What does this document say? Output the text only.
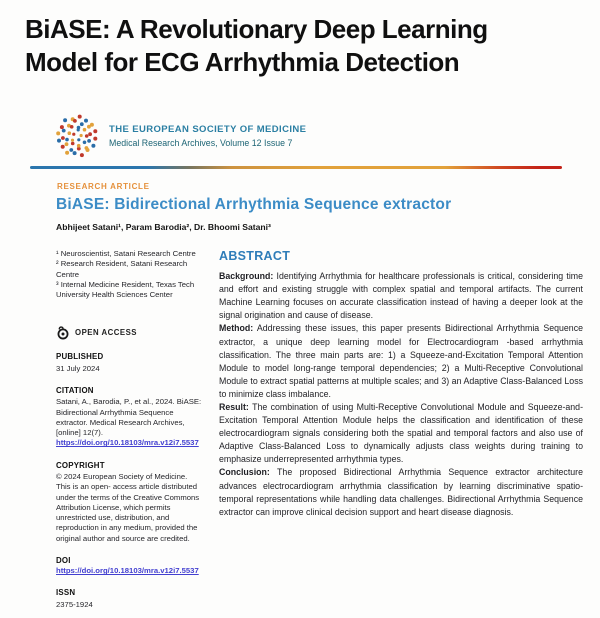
BiASE: A Revolutionary Deep Learning Model for ECG Arrhythmia Detection
THE EUROPEAN SOCIETY OF MEDICINE
Medical Research Archives, Volume 12 Issue 7
RESEARCH ARTICLE
BiASE: Bidirectional Arrhythmia Sequence extractor
Abhijeet Satani¹, Param Barodia², Dr. Bhoomi Satani³
¹ Neuroscientist, Satani Research Centre
² Research Resident, Satani Research Centre
³ Internal Medicine Resident, Texas Tech University Health Sciences Center
OPEN ACCESS
PUBLISHED
31 July 2024
CITATION
Satani, A., Barodia, P., et al., 2024. BiASE: Bidirectional Arrhythmia Sequence extractor. Medical Research Archives, [online] 12(7).
https://doi.org/10.18103/mra.v12i7.5537
COPYRIGHT
© 2024 European Society of Medicine. This is an open- access article distributed under the terms of the Creative Commons Attribution License, which permits unrestricted use, distribution, and reproduction in any medium, provided the original author and source are credited.
DOI
https://doi.org/10.18103/mra.v12i7.5537
ISSN
2375-1924
ABSTRACT

Background: Identifying Arrhythmia for healthcare professionals is critical, considering time and effort and existing struggle with complex spatial and temporal artifacts. The current Machine Learning focuses on accurate classification instead of having a deeper look at the signal origination and cause of disease.

Method: Addressing these issues, this paper presents Bidirectional Arrhythmia Sequence extractor, a unique deep learning model for Electrocardiogram -based arrhythmia classification. The three main parts are: 1) a Squeeze-and-Excitation Temporal Attention Module to model long-range temporal dependencies; 2) a Multi-Receptive Convolutional Module to extract spatial patterns at multiple scales; and 3) an Adaptive Class-Balanced Loss to minimize class imbalance.

Result: The combination of using Multi-Receptive Convolutional Module and Squeeze-and-Excitation Temporal Attention Module helps the classification and identification of these electrocardiogram signals considering both the spatial and temporal factors and also use of Adaptive Class-Balanced Loss to dynamically adjusts class weights during training to emphasize underrepresented arrhythmia types.

Conclusion: The proposed Bidirectional Arrhythmia Sequence extractor architecture advances electrocardiogram arrhythmia classification by learning discriminative spatio-temporal representations while handling data challenges. Bidirectional Arrhythmia Sequence extractor can improve clinical decision support and heart disease diagnosis.
